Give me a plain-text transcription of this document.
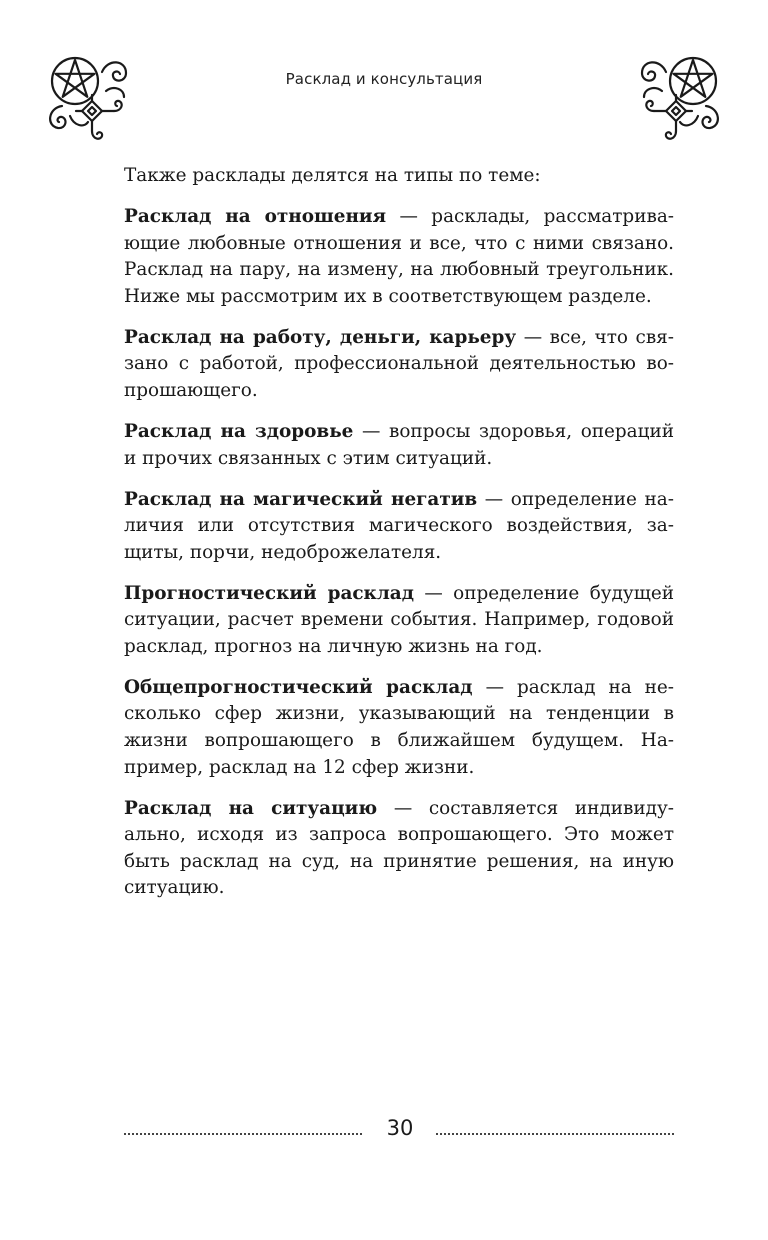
Расклад и консультация

Также расклады делятся на типы по теме:

Расклад на отношения — расклады, рассматривающие любовные отношения и все, что с ними связано. Расклад на пару, на измену, на любовный треугольник. Ниже мы рассмотрим их в соответствующем разделе.

Расклад на работу, деньги, карьеру — все, что связано с работой, профессиональной деятельностью вопрошающего.

Расклад на здоровье — вопросы здоровья, операций и прочих связанных с этим ситуаций.

Расклад на магический негатив — определение наличия или отсутствия магического воздействия, защиты, порчи, недоброжелателя.

Прогностический расклад — определение будущей ситуации, расчет времени события. Например, годовой расклад, прогноз на личную жизнь на год.

Общепрогностический расклад — расклад на несколько сфер жизни, указывающий на тенденции в жизни вопрошающего в ближайшем будущем. Например, расклад на 12 сфер жизни.

Расклад на ситуацию — составляется индивидуально, исходя из запроса вопрошающего. Это может быть расклад на суд, на принятие решения, на иную ситуацию.

30
